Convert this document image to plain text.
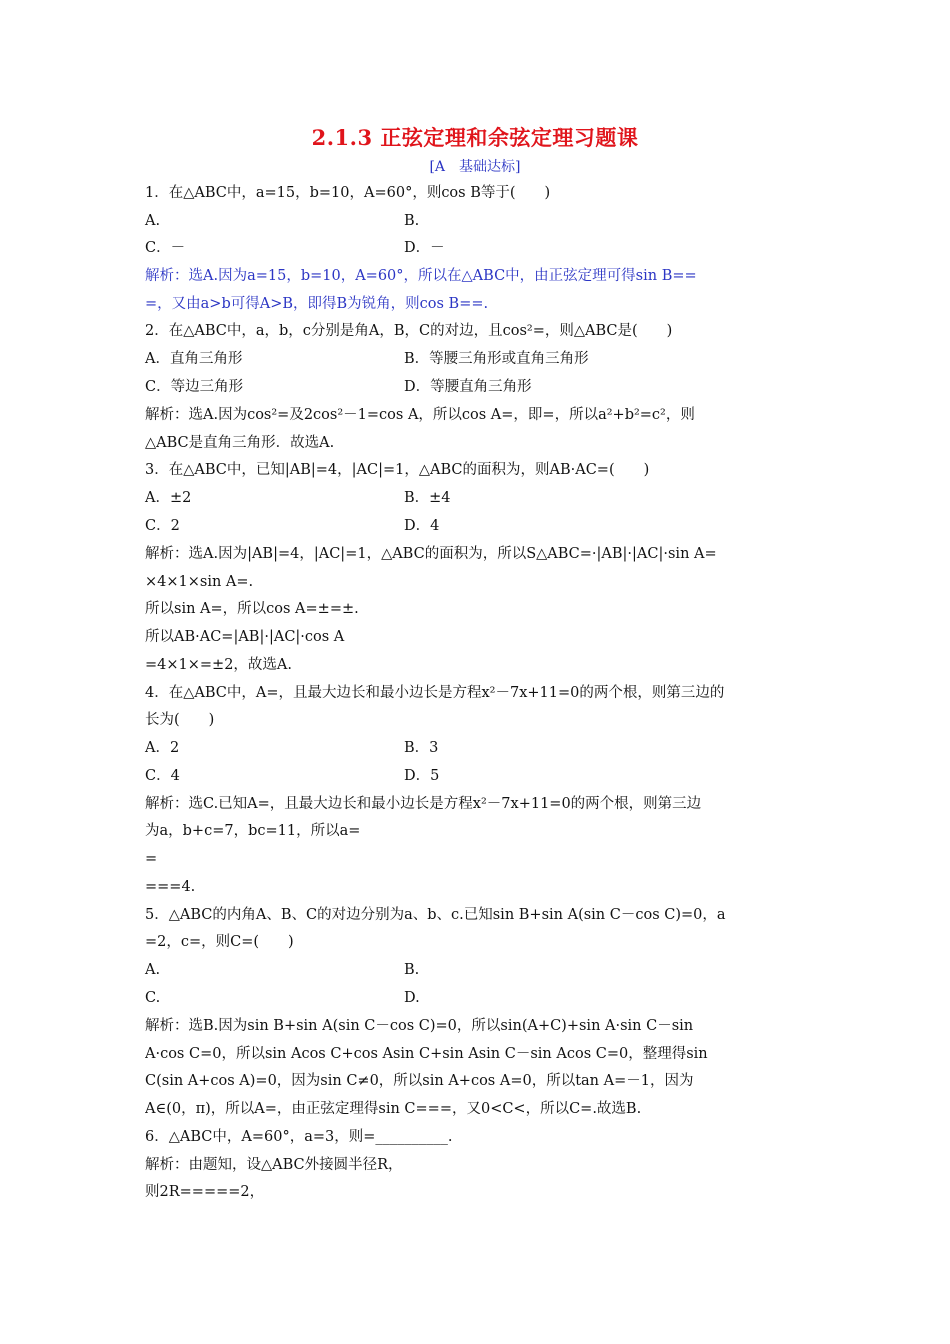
2.1.3 正弦定理和余弦定理习题课
[A　基础达标]
1．在△ABC中，a=15，b=10，A=60°，则cos B等于(　　)
A.	B.
C．－	D．－
解析：选A.因为a=15，b=10，A=60°，所以在△ABC中，由正弦定理可得sin B==
=，又由a>b可得A>B，即得B为锐角，则cos B==.
2．在△ABC中，a，b，c分别是角A，B，C的对边，且cos²=，则△ABC是(　　)
A．直角三角形	B．等腰三角形或直角三角形
C．等边三角形	D．等腰直角三角形
解析：选A.因为cos²=及2cos²－1=cos A，所以cos A=，即=，所以a²+b²=c²，则
△ABC是直角三角形．故选A.
3．在△ABC中，已知|AB|=4，|AC|=1，△ABC的面积为，则AB·AC=(　　)
A．±2	B．±4
C．2	D．4
解析：选A.因为|AB|=4，|AC|=1，△ABC的面积为，所以S△ABC=·|AB|·|AC|·sin A=
×4×1×sin A=.
所以sin A=，所以cos A=±=±.
所以AB·AC=|AB|·|AC|·cos A
=4×1×=±2，故选A.
4．在△ABC中，A=，且最大边长和最小边长是方程x²－7x+11=0的两个根，则第三边的
长为(　　)
A．2	B．3
C．4	D．5
解析：选C.已知A=，且最大边长和最小边长是方程x²－7x+11=0的两个根，则第三边
为a，b+c=7，bc=11，所以a=
=
===4.
5．△ABC的内角A、B、C的对边分别为a、b、c.已知sin B+sin A(sin C－cos C)=0，a
=2，c=，则C=(　　)
A.	B.
C.	D.
解析：选B.因为sin B+sin A(sin C－cos C)=0，所以sin(A+C)+sin A·sin C－sin
A·cos C=0，所以sin Acos C+cos Asin C+sin Asin C－sin Acos C=0，整理得sin
C(sin A+cos A)=0，因为sin C≠0，所以sin A+cos A=0，所以tan A=－1，因为
A∈(0，π)，所以A=，由正弦定理得sin C===，又0<C<，所以C=.故选B.
6．△ABC中，A=60°，a=3，则=__________.
解析：由题知，设△ABC外接圆半径R，
则2R=====2，
